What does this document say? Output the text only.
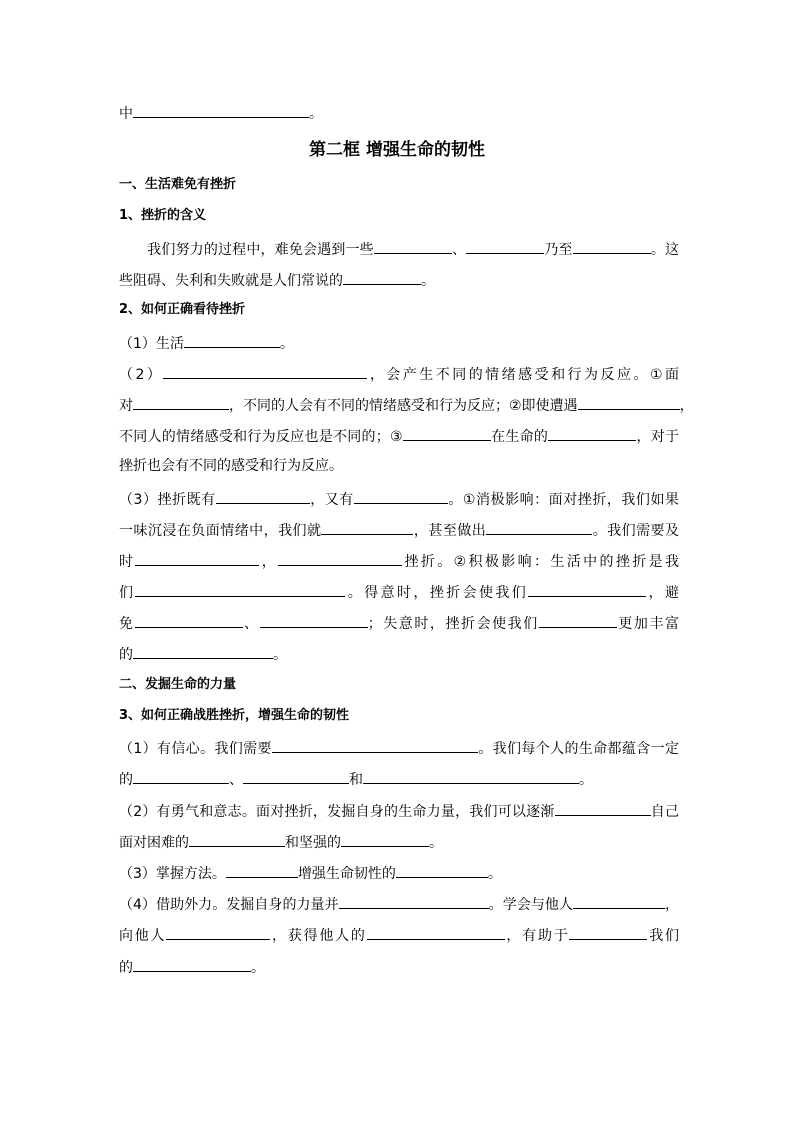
中	。
第二框 增强生命的韧性
一、生活难免有挫折
1、挫折的含义
我们努力的过程中，难免会遇到一些	、	乃至	。这
些阻碍、失利和失败就是人们常说的	。
2、如何正确看待挫折
（1）生活	。
（2）	，会产生不同的情绪感受和行为反应。①面
对	，不同的人会有不同的情绪感受和行为反应；②即使遭遇	，
不同人的情绪感受和行为反应也是不同的；③	在生命的	，对于
挫折也会有不同的感受和行为反应。
（3）挫折既有	，又有	。①消极影响：面对挫折，我们如果
一味沉浸在负面情绪中，我们就	，甚至做出	。我们需要及
时	，	挫折。②积极影响：生活中的挫折是我
们	。得意时，挫折会使我们	，避
免	、	；失意时，挫折会使我们	更加丰富
的	。
二、发掘生命的力量
3、如何正确战胜挫折，增强生命的韧性
（1）有信心。我们需要	。我们每个人的生命都蕴含一定
的	、	和	。
（2）有勇气和意志。面对挫折，发掘自身的生命力量，我们可以逐渐	自己
面对困难的	和坚强的	。
（3）掌握方法。	增强生命韧性的	。
（4）借助外力。发掘自身的力量并	。学会与他人	，
向他人	，获得他人的	，有助于	我们
的	。
